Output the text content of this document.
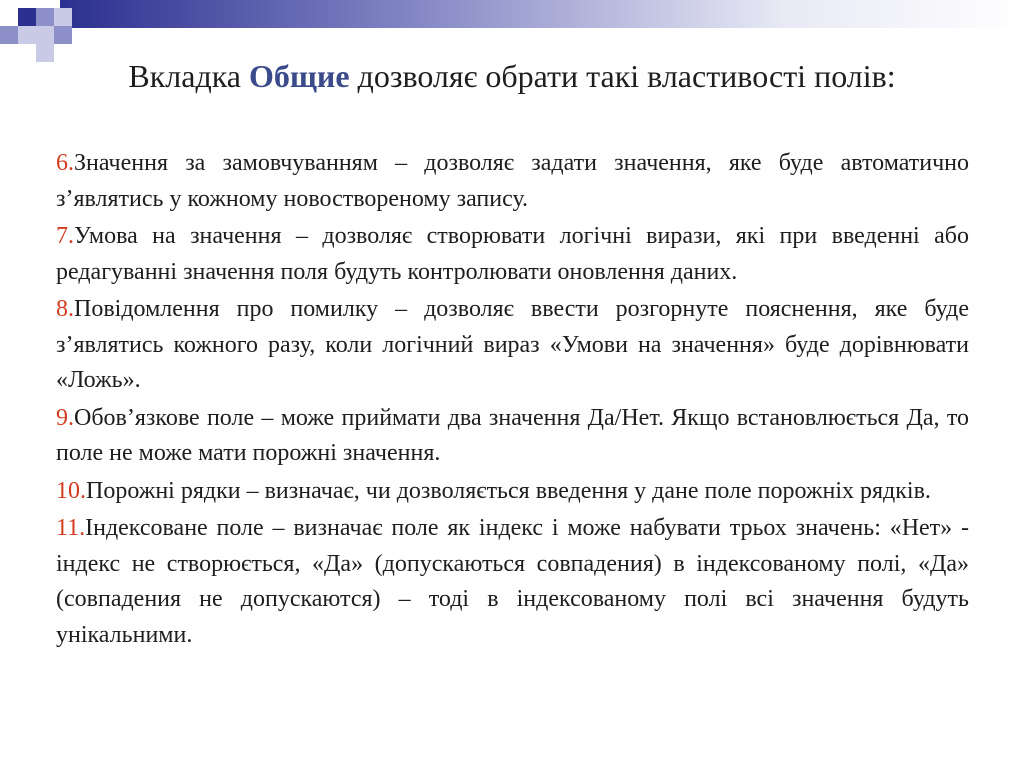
Вкладка Общие дозволяє обрати такі властивості полів:

6.Значення за замовчуванням – дозволяє задати значення, яке буде автоматично з’являтись у кожному новоствореному запису.

7.Умова на значення – дозволяє створювати логічні вирази, які при введенні або редагуванні значення поля будуть контролювати оновлення даних.

8.Повідомлення про помилку – дозволяє ввести розгорнуте пояснення, яке буде з’являтись кожного разу, коли логічний вираз «Умови на значення» буде дорівнювати «Ложь».

9.Обов’язкове поле – може приймати два значення Да/Нет. Якщо встановлюється Да, то поле не може мати порожні значення.

10.Порожні рядки – визначає, чи дозволяється введення у дане поле порожніх рядків.

11.Індексоване поле – визначає поле як індекс і може набувати трьох значень: «Нет» - індекс не створюється, «Да» (допускаються совпадения) в індексованому полі, «Да» (совпадения не допускаются) – тоді в індексованому полі всі значення будуть унікальними.
